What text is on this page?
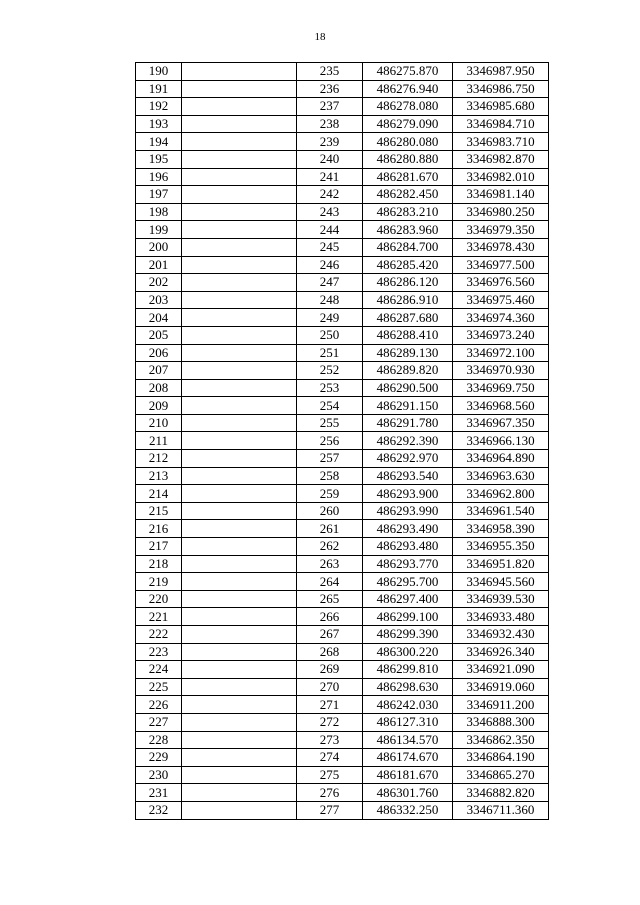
18
190		235	486275.870	3346987.950
191		236	486276.940	3346986.750
192		237	486278.080	3346985.680
193		238	486279.090	3346984.710
194		239	486280.080	3346983.710
195		240	486280.880	3346982.870
196		241	486281.670	3346982.010
197		242	486282.450	3346981.140
198		243	486283.210	3346980.250
199		244	486283.960	3346979.350
200		245	486284.700	3346978.430
201		246	486285.420	3346977.500
202		247	486286.120	3346976.560
203		248	486286.910	3346975.460
204		249	486287.680	3346974.360
205		250	486288.410	3346973.240
206		251	486289.130	3346972.100
207		252	486289.820	3346970.930
208		253	486290.500	3346969.750
209		254	486291.150	3346968.560
210		255	486291.780	3346967.350
211		256	486292.390	3346966.130
212		257	486292.970	3346964.890
213		258	486293.540	3346963.630
214		259	486293.900	3346962.800
215		260	486293.990	3346961.540
216		261	486293.490	3346958.390
217		262	486293.480	3346955.350
218		263	486293.770	3346951.820
219		264	486295.700	3346945.560
220		265	486297.400	3346939.530
221		266	486299.100	3346933.480
222		267	486299.390	3346932.430
223		268	486300.220	3346926.340
224		269	486299.810	3346921.090
225		270	486298.630	3346919.060
226		271	486242.030	3346911.200
227		272	486127.310	3346888.300
228		273	486134.570	3346862.350
229		274	486174.670	3346864.190
230		275	486181.670	3346865.270
231		276	486301.760	3346882.820
232		277	486332.250	3346711.360
